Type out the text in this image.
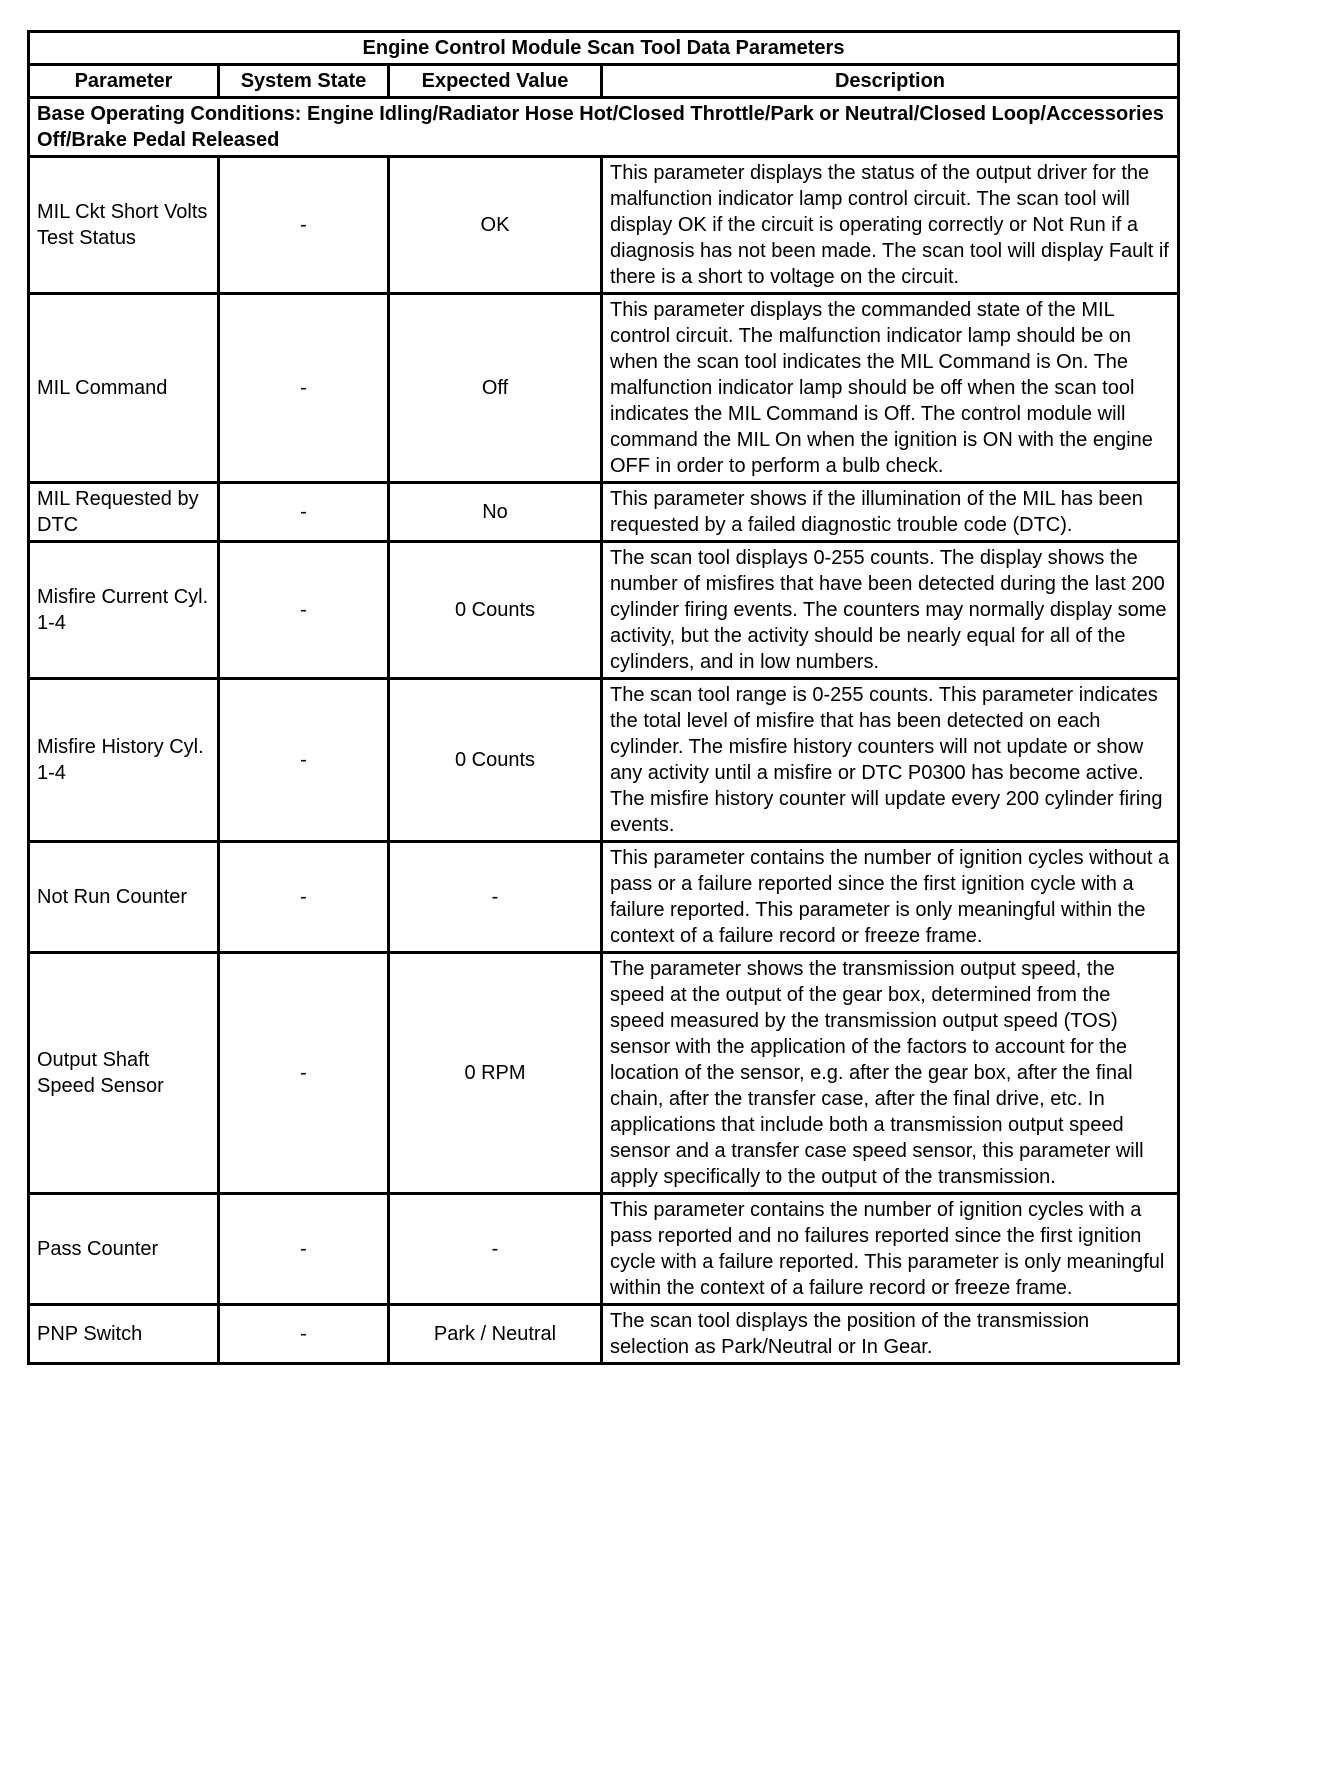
Engine Control Module Scan Tool Data Parameters			
Parameter	System State	Expected Value	Description
Base Operating Conditions: Engine Idling/Radiator Hose Hot/Closed Throttle/Park or Neutral/Closed Loop/Accessories Off/Brake Pedal Released			
MIL Ckt Short Volts Test Status	-	OK	This parameter displays the status of the output driver for the malfunction indicator lamp control circuit. The scan tool will display OK if the circuit is operating correctly or Not Run if a diagnosis has not been made. The scan tool will display Fault if there is a short to voltage on the circuit.
MIL Command	-	Off	This parameter displays the commanded state of the MIL control circuit. The malfunction indicator lamp should be on when the scan tool indicates the MIL Command is On. The malfunction indicator lamp should be off when the scan tool indicates the MIL Command is Off. The control module will command the MIL On when the ignition is ON with the engine OFF in order to perform a bulb check.
MIL Requested by DTC	-	No	This parameter shows if the illumination of the MIL has been requested by a failed diagnostic trouble code (DTC).
Misfire Current Cyl. 1-4	-	0 Counts	The scan tool displays 0-255 counts. The display shows the number of misfires that have been detected during the last 200 cylinder firing events. The counters may normally display some activity, but the activity should be nearly equal for all of the cylinders, and in low numbers.
Misfire History Cyl. 1-4	-	0 Counts	The scan tool range is 0-255 counts. This parameter indicates the total level of misfire that has been detected on each cylinder. The misfire history counters will not update or show any activity until a misfire or DTC P0300 has become active. The misfire history counter will update every 200 cylinder firing events.
Not Run Counter	-	-	This parameter contains the number of ignition cycles without a pass or a failure reported since the first ignition cycle with a failure reported. This parameter is only meaningful within the context of a failure record or freeze frame.
Output Shaft Speed Sensor	-	0 RPM	The parameter shows the transmission output speed, the speed at the output of the gear box, determined from the speed measured by the transmission output speed (TOS) sensor with the application of the factors to account for the location of the sensor, e.g. after the gear box, after the final chain, after the transfer case, after the final drive, etc. In applications that include both a transmission output speed sensor and a transfer case speed sensor, this parameter will apply specifically to the output of the transmission.
Pass Counter	-	-	This parameter contains the number of ignition cycles with a pass reported and no failures reported since the first ignition cycle with a failure reported. This parameter is only meaningful within the context of a failure record or freeze frame.
PNP Switch	-	Park / Neutral	The scan tool displays the position of the transmission selection as Park/Neutral or In Gear.
